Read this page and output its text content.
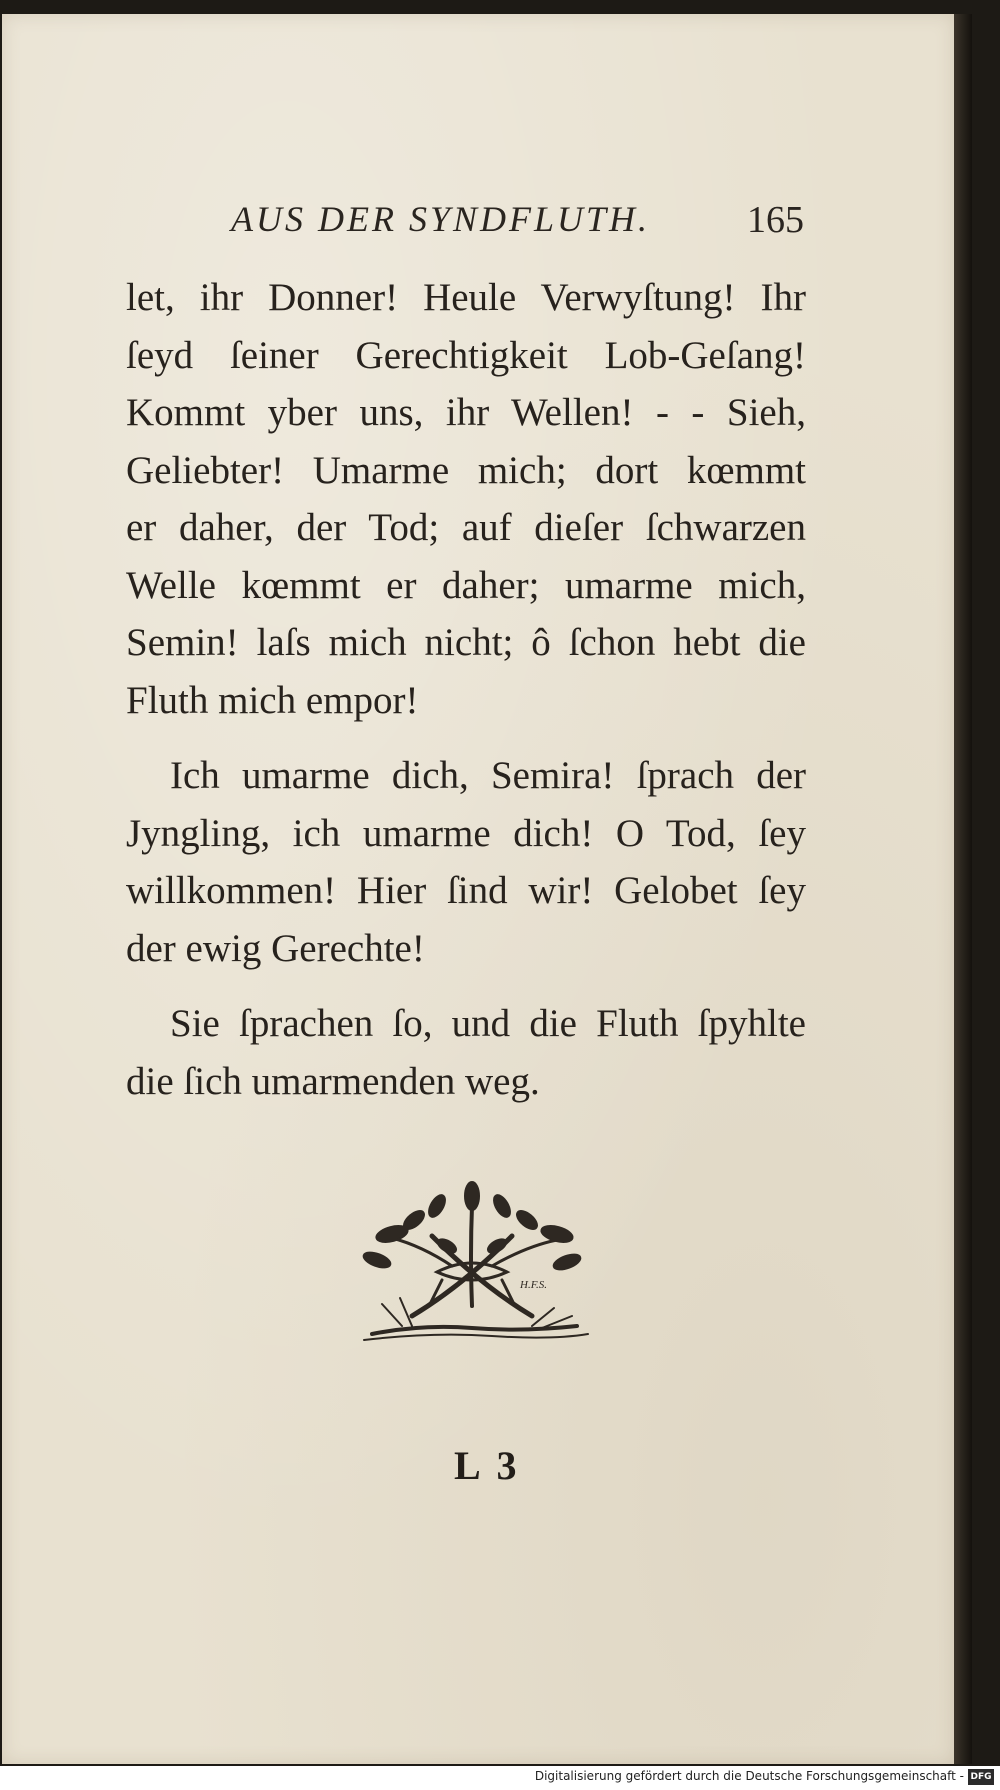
AUS DER SYNDFLUTH.	165
let, ihr Donner! Heule Verwyſtung! Ihr
ſeyd ſeiner Gerechtigkeit Lob-Geſang!
Kommt yber uns, ihr Wellen! - - Sieh,
Geliebter! Umarme mich; dort kœmmt
er daher, der Tod; auf dieſer ſchwarzen
Welle kœmmt er daher; umarme mich,
Semin! laſs mich nicht; ô ſchon hebt die
Fluth mich empor!
Ich umarme dich, Semira! ſprach der
Jyngling, ich umarme dich! O Tod, ſey
willkommen! Hier ſind wir! Gelobet ſey
der ewig Gerechte!
Sie ſprachen ſo, und die Fluth ſpyhlte
die ſich umarmenden weg.
H.F.S.
L 3
Digitalisierung gefördert durch die Deutsche Forschungsgemeinschaft - DFG
